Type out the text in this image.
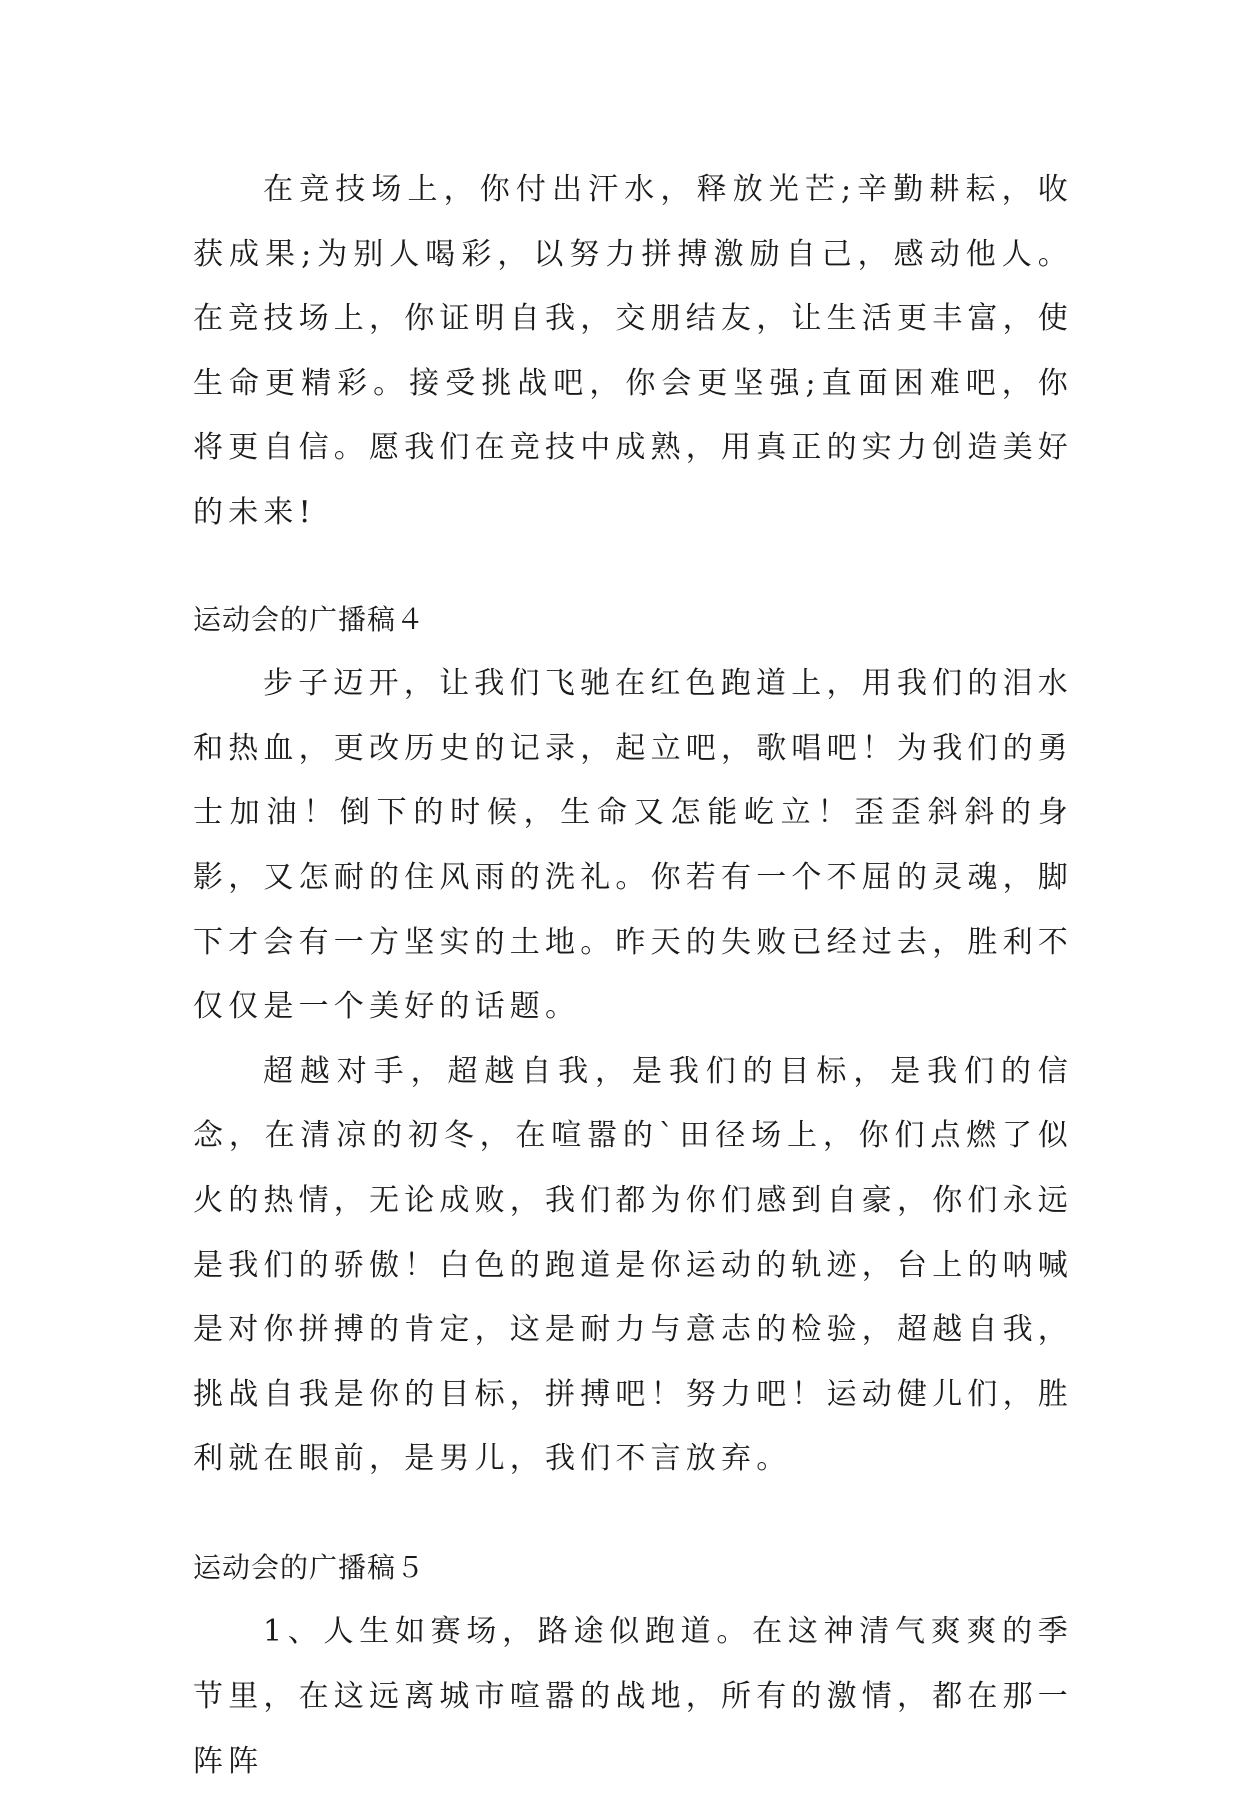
在竞技场上，你付出汗水，释放光芒;辛勤耕耘，收获成果;为别人喝彩，以努力拼搏激励自己，感动他人。在竞技场上，你证明自我，交朋结友，让生活更丰富，使生命更精彩。接受挑战吧，你会更坚强;直面困难吧，你将更自信。愿我们在竞技中成熟，用真正的实力创造美好的未来!

运动会的广播稿４

步子迈开，让我们飞驰在红色跑道上，用我们的泪水和热血，更改历史的记录，起立吧，歌唱吧！为我们的勇士加油！倒下的时候，生命又怎能屹立！歪歪斜斜的身影，又怎耐的住风雨的洗礼。你若有一个不屈的灵魂，脚下才会有一方坚实的土地。昨天的失败已经过去，胜利不仅仅是一个美好的话题。

超越对手，超越自我，是我们的目标，是我们的信念，在清凉的初冬，在喧嚣的`田径场上，你们点燃了似火的热情，无论成败，我们都为你们感到自豪，你们永远是我们的骄傲！白色的跑道是你运动的轨迹，台上的呐喊是对你拼搏的肯定，这是耐力与意志的检验，超越自我，挑战自我是你的目标，拼搏吧！努力吧！运动健儿们，胜利就在眼前，是男儿，我们不言放弃。

运动会的广播稿５

1、人生如赛场，路途似跑道。在这神清气爽爽的季节里，在这远离城市喧嚣的战地，所有的激情，都在那一阵阵
